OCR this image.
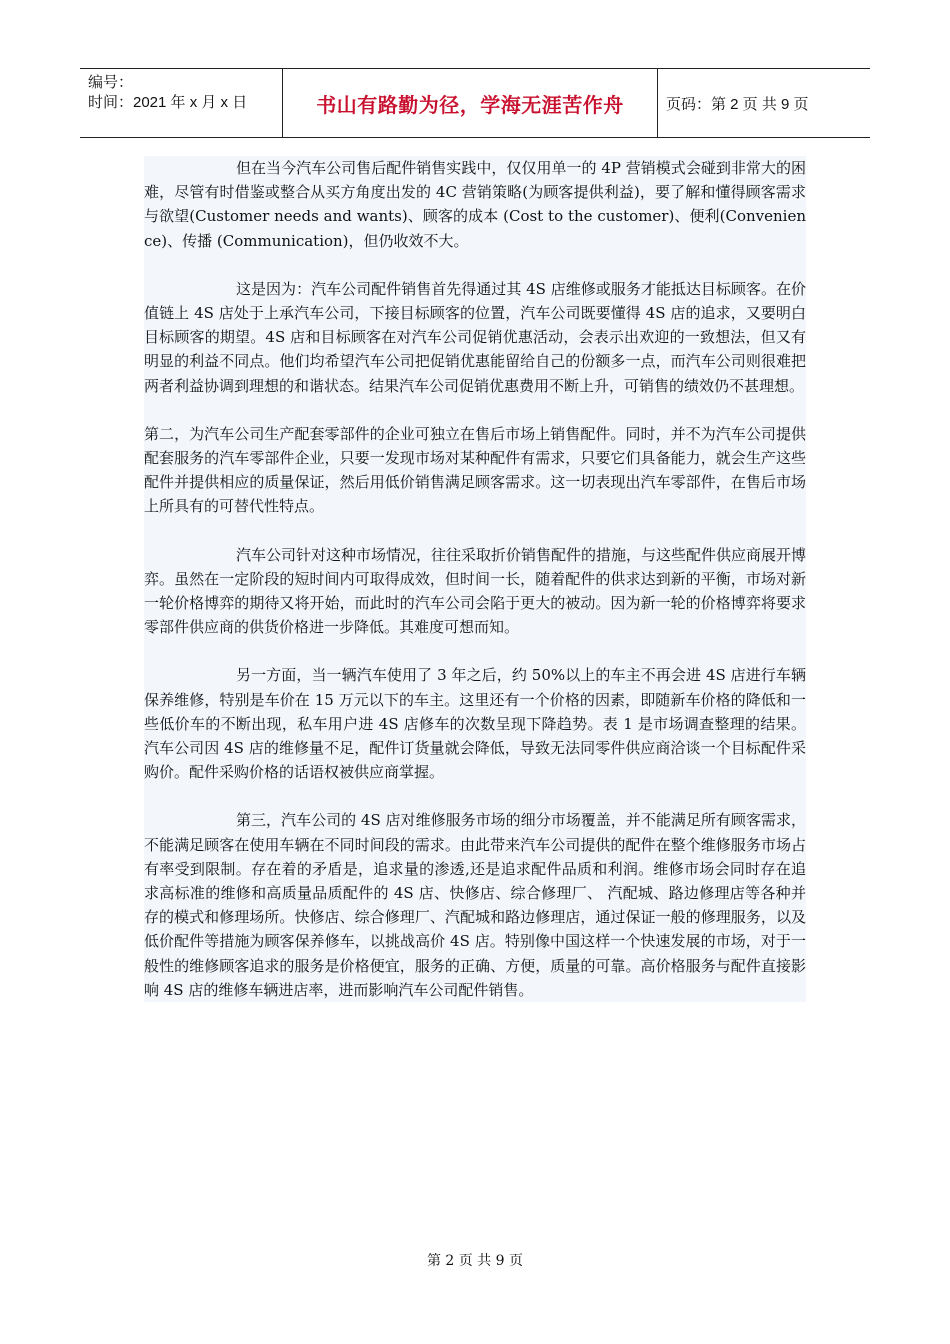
编号：
时间：2021 年 x 月 x 日	书山有路勤为径，学海无涯苦作舟	页码：第 2 页 共 9 页

但在当今汽车公司售后配件销售实践中，仅仅用单一的 4P 营销模式会碰到非常大的困难，尽管有时借鉴或整合从买方角度出发的 4C 营销策略(为顾客提供利益)，要了解和懂得顾客需求与欲望(Customer needs and wants)、顾客的成本 (Cost to the customer)、便利(Convenience)、传播 (Communication)，但仍收效不大。

这是因为：汽车公司配件销售首先得通过其 4S 店维修或服务才能抵达目标顾客。在价值链上 4S 店处于上承汽车公司，下接目标顾客的位置，汽车公司既要懂得 4S 店的追求，又要明白目标顾客的期望。4S 店和目标顾客在对汽车公司促销优惠活动，会表示出欢迎的一致想法，但又有明显的利益不同点。他们均希望汽车公司把促销优惠能留给自己的份额多一点，而汽车公司则很难把两者利益协调到理想的和谐状态。结果汽车公司促销优惠费用不断上升，可销售的绩效仍不甚理想。

第二，为汽车公司生产配套零部件的企业可独立在售后市场上销售配件。同时，并不为汽车公司提供配套服务的汽车零部件企业，只要一发现市场对某种配件有需求，只要它们具备能力，就会生产这些配件并提供相应的质量保证，然后用低价销售满足顾客需求。这一切表现出汽车零部件，在售后市场上所具有的可替代性特点。

汽车公司针对这种市场情况，往往采取折价销售配件的措施，与这些配件供应商展开博弈。虽然在一定阶段的短时间内可取得成效，但时间一长，随着配件的供求达到新的平衡，市场对新一轮价格博弈的期待又将开始，而此时的汽车公司会陷于更大的被动。因为新一轮的价格博弈将要求零部件供应商的供货价格进一步降低。其难度可想而知。

另一方面，当一辆汽车使用了 3 年之后，约 50%以上的车主不再会进 4S 店进行车辆保养维修，特别是车价在 15 万元以下的车主。这里还有一个价格的因素，即随新车价格的降低和一些低价车的不断出现，私车用户进 4S 店修车的次数呈现下降趋势。表 1 是市场调查整理的结果。汽车公司因 4S 店的维修量不足，配件订货量就会降低，导致无法同零件供应商洽谈一个目标配件采购价。配件采购价格的话语权被供应商掌握。

第三，汽车公司的 4S 店对维修服务市场的细分市场覆盖，并不能满足所有顾客需求，不能满足顾客在使用车辆在不同时间段的需求。由此带来汽车公司提供的配件在整个维修服务市场占有率受到限制。存在着的矛盾是，追求量的渗透,还是追求配件品质和利润。维修市场会同时存在追求高标准的维修和高质量品质配件的 4S 店、快修店、综合修理厂、 汽配城、路边修理店等各种并存的模式和修理场所。快修店、综合修理厂、汽配城和路边修理店，通过保证一般的修理服务，以及低价配件等措施为顾客保养修车，以挑战高价 4S 店。特别像中国这样一个快速发展的市场，对于一般性的维修顾客追求的服务是价格便宜，服务的正确、方便，质量的可靠。高价格服务与配件直接影响 4S 店的维修车辆进店率，进而影响汽车公司配件销售。

第 2 页 共 9 页
